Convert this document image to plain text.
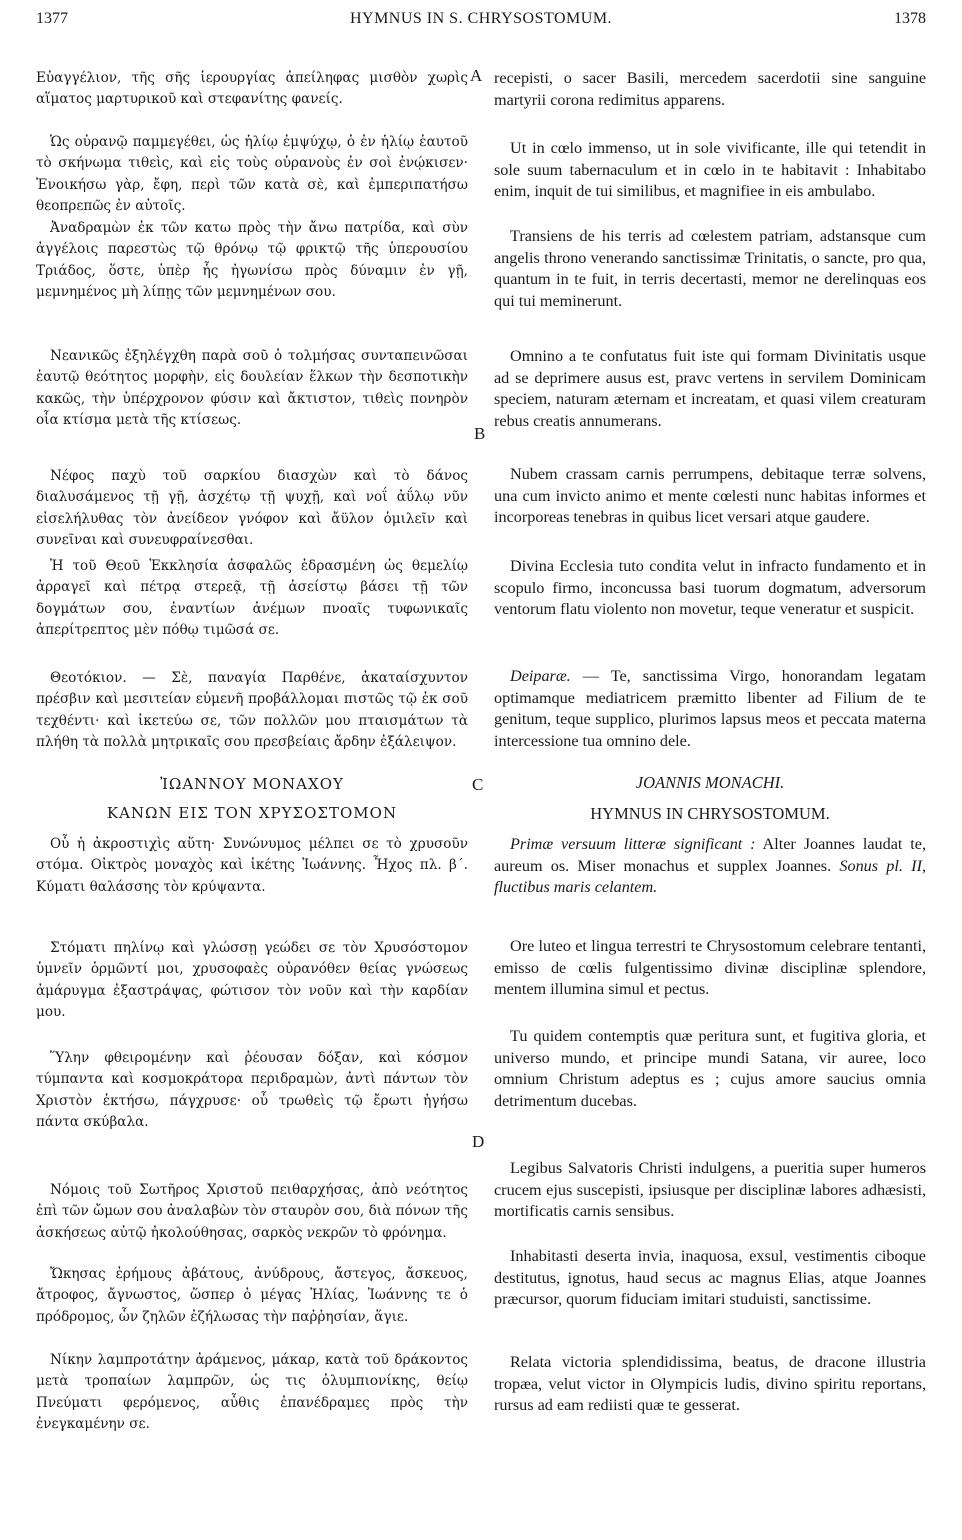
1377	HYMNUS IN S. CHRYSOSTOMUM.	1378
A
B
C
D

Εὐαγγέλιον, τῆς σῆς ἱερουργίας ἀπείληφας μισθὸν χωρὶς αἵματος μαρτυρικοῦ καὶ στεφανίτης φανείς.

Ὡς οὐρανῷ παμμεγέθει, ὡς ἡλίῳ ἐμψύχῳ, ὁ ἐν ἡλίῳ ἑαυτοῦ τὸ σκήνωμα τιθεὶς, καὶ εἰς τοὺς οὐρανοὺς ἐν σοὶ ἐνῴκισεν· Ἐνοικήσω γὰρ, ἔφη, περὶ τῶν κατὰ σὲ, καὶ ἐμπεριπατήσω θεοπρεπῶς ἐν αὐτοῖς.

Ἀναδραμὼν ἐκ τῶν κατω πρὸς τὴν ἄνω πατρίδα, καὶ σὺν ἀγγέλοις παρεστὼς τῷ θρόνῳ τῷ φρικτῷ τῆς ὑπερουσίου Τριάδος, ὅστε, ὑπὲρ ἧς ἠγωνίσω πρὸς δύναμιν ἐν γῇ, μεμνημένος μὴ λίπῃς τῶν μεμνημένων σου.

Νεανικῶς ἐξηλέγχθη παρὰ σοῦ ὁ τολμήσας συνταπεινῶσαι ἑαυτῷ θεότητος μορφὴν, εἰς δουλείαν ἕλκων τὴν δεσποτικὴν κακῶς, τὴν ὑπέρχρονον φύσιν καὶ ἄκτιστον, τιθεὶς πονηρὸν οἷα κτίσμα μετὰ τῆς κτίσεως.

Νέφος παχὺ τοῦ σαρκίου διασχὼν καὶ τὸ δάνος διαλυσάμενος τῇ γῇ, ἀσχέτῳ τῇ ψυχῇ, καὶ νοΐ ἀΰλῳ νῦν εἰσελήλυθας τὸν ἀνείδεον γνόφον καὶ ἄϋλον ὁμιλεῖν καὶ συνεῖναι καὶ συνευφραίνεσθαι.

Ἡ τοῦ Θεοῦ Ἐκκλησία ἀσφαλῶς ἑδρασμένη ὡς θεμελίῳ ἀρραγεῖ καὶ πέτρᾳ στερεᾷ, τῇ ἀσείστῳ βάσει τῇ τῶν δογμάτων σου, ἐναντίων ἀνέμων πνοαῖς τυφωνικαῖς ἀπερίτρεπτος μὲν πόθῳ τιμῶσά σε.

Θεοτόκιον. — Σὲ, παναγία Παρθένε, ἀκαταίσχυντον πρέσβιν καὶ μεσιτείαν εὐμενῆ προβάλλομαι πιστῶς τῷ ἐκ σοῦ τεχθέντι· καὶ ἱκετεύω σε, τῶν πολλῶν μου πταισμάτων τὰ πλήθη τὰ πολλὰ μητρικαῖς σου πρεσβείαις ἄρδην ἐξάλειψον.

ἸΩΑΝΝΟΥ ΜΟΝΑΧΟΥ

ΚΑΝΩΝ ΕΙΣ ΤΟΝ ΧΡΥΣΟΣΤΟΜΟΝ

Οὗ ἡ ἀκροστιχὶς αὕτη· Συνώνυμος μέλπει σε τὸ χρυσοῦν στόμα. Οἰκτρὸς μοναχὸς καὶ ἱκέτης Ἰωάννης. Ἦχος πλ. β΄. Κύματι θαλάσσης τὸν κρύψαντα.

Στόματι πηλίνῳ καὶ γλώσσῃ γεώδει σε τὸν Χρυσόστομον ὑμνεῖν ὁρμῶντί μοι, χρυσοφαὲς οὐρανόθεν θείας γνώσεως ἀμάρυγμα ἐξαστράψας, φώτισον τὸν νοῦν καὶ τὴν καρδίαν μου.

Ὕλην φθειρομένην καὶ ῥέουσαν δόξαν, καὶ κόσμον τύμπαντα καὶ κοσμοκράτορα περιδραμὼν, ἀντὶ πάντων τὸν Χριστὸν ἐκτήσω, πάγχρυσε· οὗ τρωθεὶς τῷ ἔρωτι ἡγήσω πάντα σκύβαλα.

Νόμοις τοῦ Σωτῆρος Χριστοῦ πειθαρχήσας, ἀπὸ νεότητος ἐπὶ τῶν ὤμων σου ἀναλαβὼν τὸν σταυρὸν σου, διὰ πόνων τῆς ἀσκήσεως αὐτῷ ἠκολούθησας, σαρκὸς νεκρῶν τὸ φρόνημα.

Ὤκησας ἐρήμους ἀβάτους, ἀνύδρους, ἄστεγος, ἄσκευος, ἄτροφος, ἄγνωστος, ὥσπερ ὁ μέγας Ἠλίας, Ἰωάννης τε ὁ πρόδρομος, ὧν ζηλῶν ἐζήλωσας τὴν παῤῥησίαν, ἅγιε.

Νίκην λαμπροτάτην ἀράμενος, μάκαρ, κατὰ τοῦ δράκοντος μετὰ τροπαίων λαμπρῶν, ὡς τις ὀλυμπιονίκης, θείῳ Πνεύματι φερόμενος, αὖθις ἐπανέδραμες πρὸς τὴν ἐνεγκαμένην σε.

recepisti, o sacer Basili, mercedem sacerdotii sine sanguine martyrii corona redimitus apparens.

Ut in cœlo immenso, ut in sole vivificante, ille qui tetendit in sole suum tabernaculum et in cœlo in te habitavit : Inhabitabo enim, inquit de tui similibus, et magnifiee in eis ambulabo.

Transiens de his terris ad cœlestem patriam, adstansque cum angelis throno venerando sanctissimæ Trinitatis, o sancte, pro qua, quantum in te fuit, in terris decertasti, memor ne derelinquas eos qui tui meminerunt.

Omnino a te confutatus fuit iste qui formam Divinitatis usque ad se deprimere ausus est, pravc vertens in servilem Dominicam speciem, naturam æternam et increatam, et quasi vilem creaturam rebus creatis annumerans.

Nubem crassam carnis perrumpens, debitaque terræ solvens, una cum invicto animo et mente cœlesti nunc habitas informes et incorporeas tenebras in quibus licet versari atque gaudere.

Divina Ecclesia tuto condita velut in infracto fundamento et in scopulo firmo, inconcussa basi tuorum dogmatum, adversorum ventorum flatu violento non movetur, teque veneratur et suspicit.

Deiparæ. — Te, sanctissima Virgo, honorandam legatam optimamque mediatricem præmitto libenter ad Filium de te genitum, teque supplico, plurimos lapsus meos et peccata materna intercessione tua omnino dele.

JOANNIS MONACHI.

HYMNUS IN CHRYSOSTOMUM.

Primæ versuum litteræ significant : Alter Joannes laudat te, aureum os. Miser monachus et supplex Joannes. Sonus pl. II, fluctibus maris celantem.

Ore luteo et lingua terrestri te Chrysostomum celebrare tentanti, emisso de cœlis fulgentissimo divinæ disciplinæ splendore, mentem illumina simul et pectus.

Tu quidem contemptis quæ peritura sunt, et fugitiva gloria, et universo mundo, et principe mundi Satana, vir auree, loco omnium Christum adeptus es ; cujus amore saucius omnia detrimentum ducebas.

Legibus Salvatoris Christi indulgens, a pueritia super humeros crucem ejus suscepisti, ipsiusque per disciplinæ labores adhæsisti, mortificatis carnis sensibus.

Inhabitasti deserta invia, inaquosa, exsul, vestimentis ciboque destitutus, ignotus, haud secus ac magnus Elias, atque Joannes præcursor, quorum fiduciam imitari studuisti, sanctissime.

Relata victoria splendidissima, beatus, de dracone illustria tropæa, velut victor in Olympicis ludis, divino spiritu reportans, rursus ad eam rediisti quæ te gesserat.
